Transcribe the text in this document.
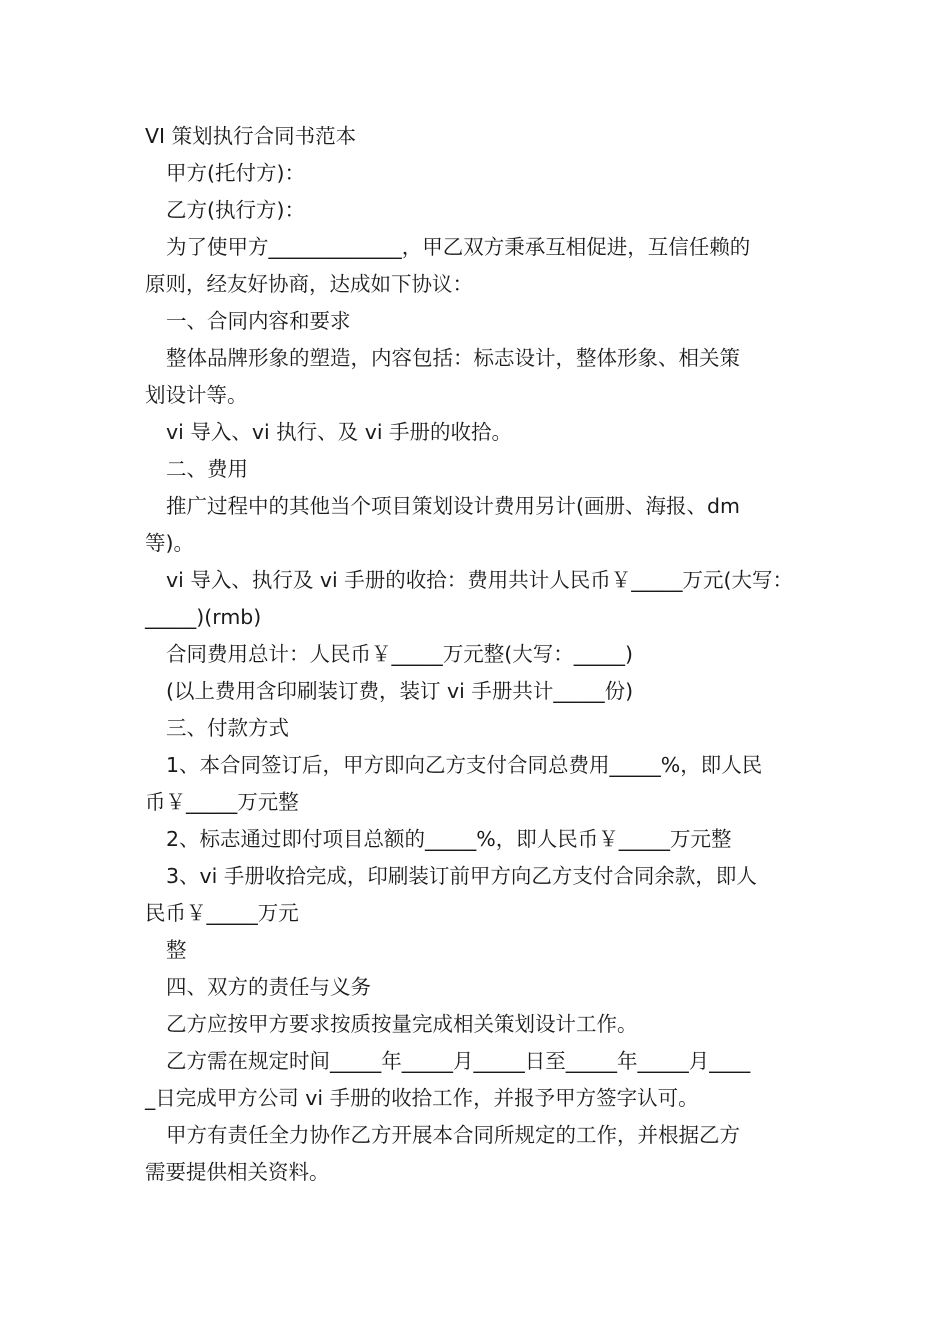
VI 策划执行合同书范本
甲方(托付方)：
乙方(执行方)：
为了使甲方_____________，甲乙双方秉承互相促进，互信任赖的
原则，经友好协商，达成如下协议：
一、合同内容和要求
整体品牌形象的塑造，内容包括：标志设计，整体形象、相关策
划设计等。
vi 导入、vi 执行、及 vi 手册的收拾。
二、费用
推广过程中的其他当个项目策划设计费用另计(画册、海报、dm
等)。
vi 导入、执行及 vi 手册的收拾：费用共计人民币￥_____万元(大写：
_____)(rmb)
合同费用总计：人民币￥_____万元整(大写：_____)
(以上费用含印刷装订费，装订 vi 手册共计_____份)
三、付款方式
1、本合同签订后，甲方即向乙方支付合同总费用_____%，即人民
币￥_____万元整
2、标志通过即付项目总额的_____%，即人民币￥_____万元整
3、vi 手册收拾完成，印刷装订前甲方向乙方支付合同余款，即人
民币￥_____万元
整
四、双方的责任与义务
乙方应按甲方要求按质按量完成相关策划设计工作。
乙方需在规定时间_____年_____月_____日至_____年_____月____
_日完成甲方公司 vi 手册的收拾工作，并报予甲方签字认可。
甲方有责任全力协作乙方开展本合同所规定的工作，并根据乙方
需要提供相关资料。
